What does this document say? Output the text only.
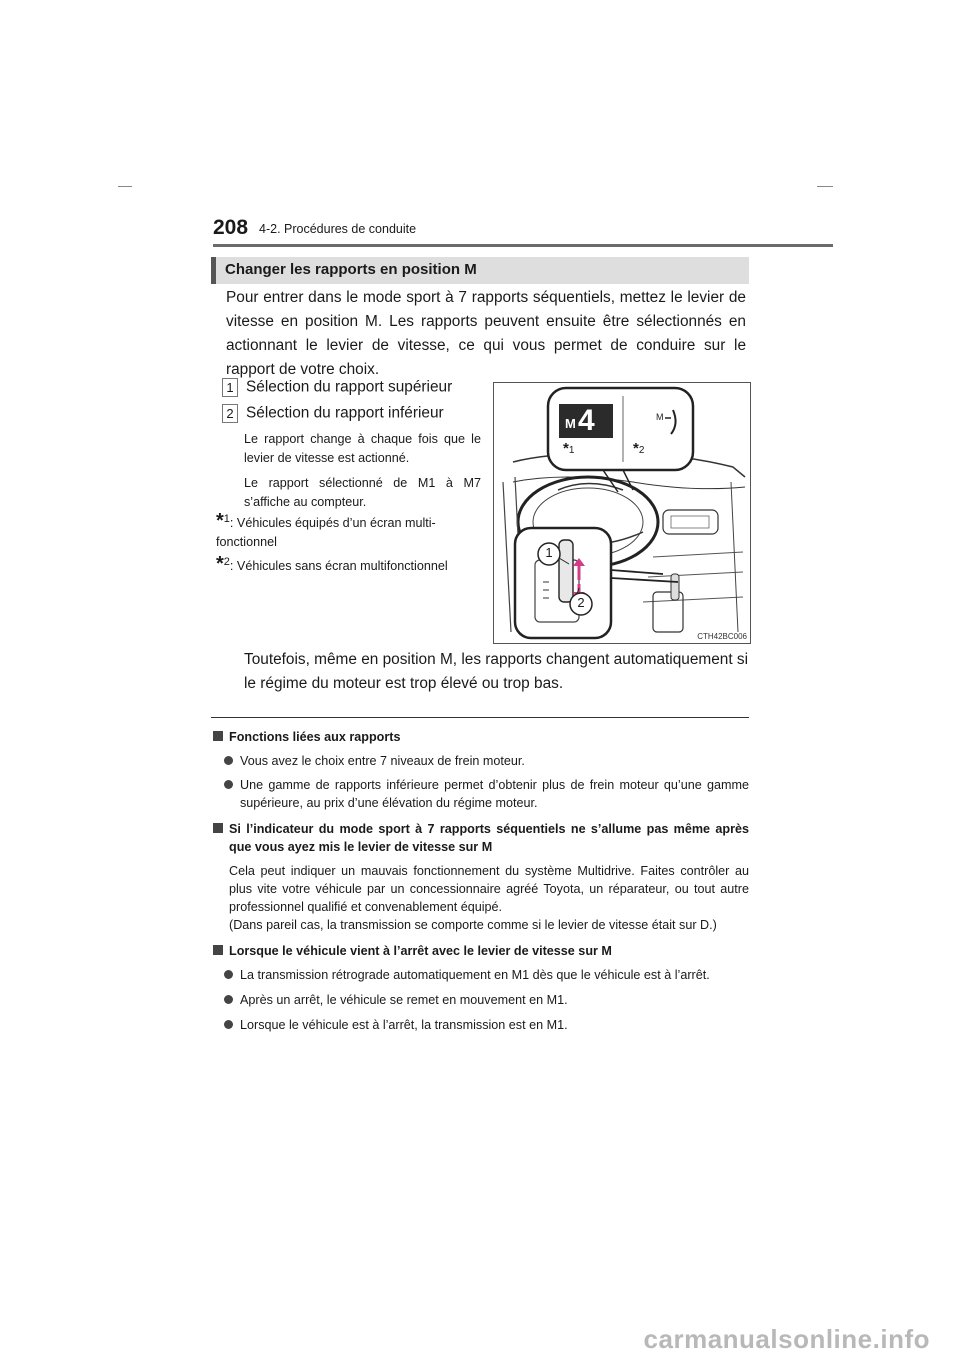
208 4-2. Procédures de conduite
Changer les rapports en position M
Pour entrer dans le mode sport à 7 rapports séquentiels, mettez le levier de vitesse en position M. Les rapports peuvent ensuite être sélectionnés en actionnant le levier de vitesse, ce qui vous permet de conduire sur le rapport de votre choix.
1 Sélection du rapport supérieur
2 Sélection du rapport inférieur
Le rapport change à chaque fois que le levier de vitesse est actionné.
Le rapport sélectionné de M1 à M7 s’affiche au compteur.
*1: Véhicules équipés d’un écran multi-fonctionnel
*2: Véhicules sans écran multifonctionnel
M 4	M
*1	*2
1
2
CTH42BC006
Toutefois, même en position M, les rapports changent automatiquement si le régime du moteur est trop élevé ou trop bas.
Fonctions liées aux rapports
Vous avez le choix entre 7 niveaux de frein moteur.
Une gamme de rapports inférieure permet d’obtenir plus de frein moteur qu’une gamme supérieure, au prix d’une élévation du régime moteur.
Si l’indicateur du mode sport à 7 rapports séquentiels ne s’allume pas même après que vous ayez mis le levier de vitesse sur M
Cela peut indiquer un mauvais fonctionnement du système Multidrive. Faites contrôler au plus vite votre véhicule par un concessionnaire agréé Toyota, un réparateur, ou tout autre professionnel qualifié et convenablement équipé.
(Dans pareil cas, la transmission se comporte comme si le levier de vitesse était sur D.)
Lorsque le véhicule vient à l’arrêt avec le levier de vitesse sur M
La transmission rétrograde automatiquement en M1 dès que le véhicule est à l’arrêt.
Après un arrêt, le véhicule se remet en mouvement en M1.
Lorsque le véhicule est à l’arrêt, la transmission est en M1.
carmanualsonline.info
